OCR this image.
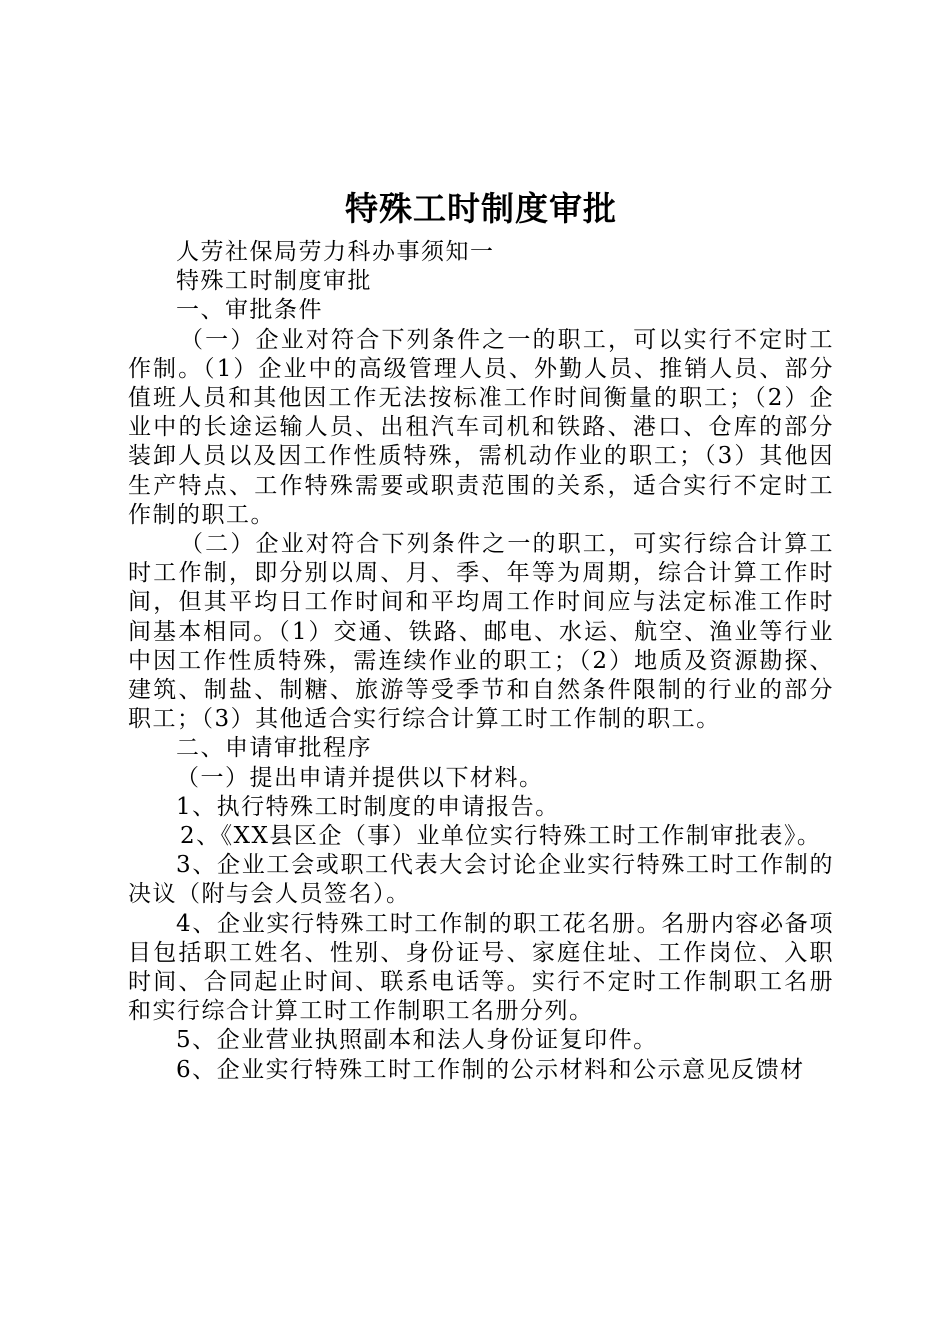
特殊工时制度审批

人劳社保局劳力科办事须知一

特殊工时制度审批

一、审批条件

（一）企业对符合下列条件之一的职工，可以实行不定时工作制。（1）企业中的高级管理人员、外勤人员、推销人员、部分值班人员和其他因工作无法按标准工作时间衡量的职工；（2）企业中的长途运输人员、出租汽车司机和铁路、港口、仓库的部分装卸人员以及因工作性质特殊，需机动作业的职工；（3）其他因生产特点、工作特殊需要或职责范围的关系，适合实行不定时工作制的职工。

（二）企业对符合下列条件之一的职工，可实行综合计算工时工作制，即分别以周、月、季、年等为周期，综合计算工作时间，但其平均日工作时间和平均周工作时间应与法定标准工作时间基本相同。（1）交通、铁路、邮电、水运、航空、渔业等行业中因工作性质特殊，需连续作业的职工；（2）地质及资源勘探、建筑、制盐、制糖、旅游等受季节和自然条件限制的行业的部分职工；（3）其他适合实行综合计算工时工作制的职工。

二、申请审批程序

（一）提出申请并提供以下材料。

1、执行特殊工时制度的申请报告。

2、《XX县区企（事）业单位实行特殊工时工作制审批表》。

3、企业工会或职工代表大会讨论企业实行特殊工时工作制的决议（附与会人员签名）。

4、企业实行特殊工时工作制的职工花名册。名册内容必备项目包括职工姓名、性别、身份证号、家庭住址、工作岗位、入职时间、合同起止时间、联系电话等。实行不定时工作制职工名册和实行综合计算工时工作制职工名册分列。

5、企业营业执照副本和法人身份证复印件。

6、企业实行特殊工时工作制的公示材料和公示意见反馈材
